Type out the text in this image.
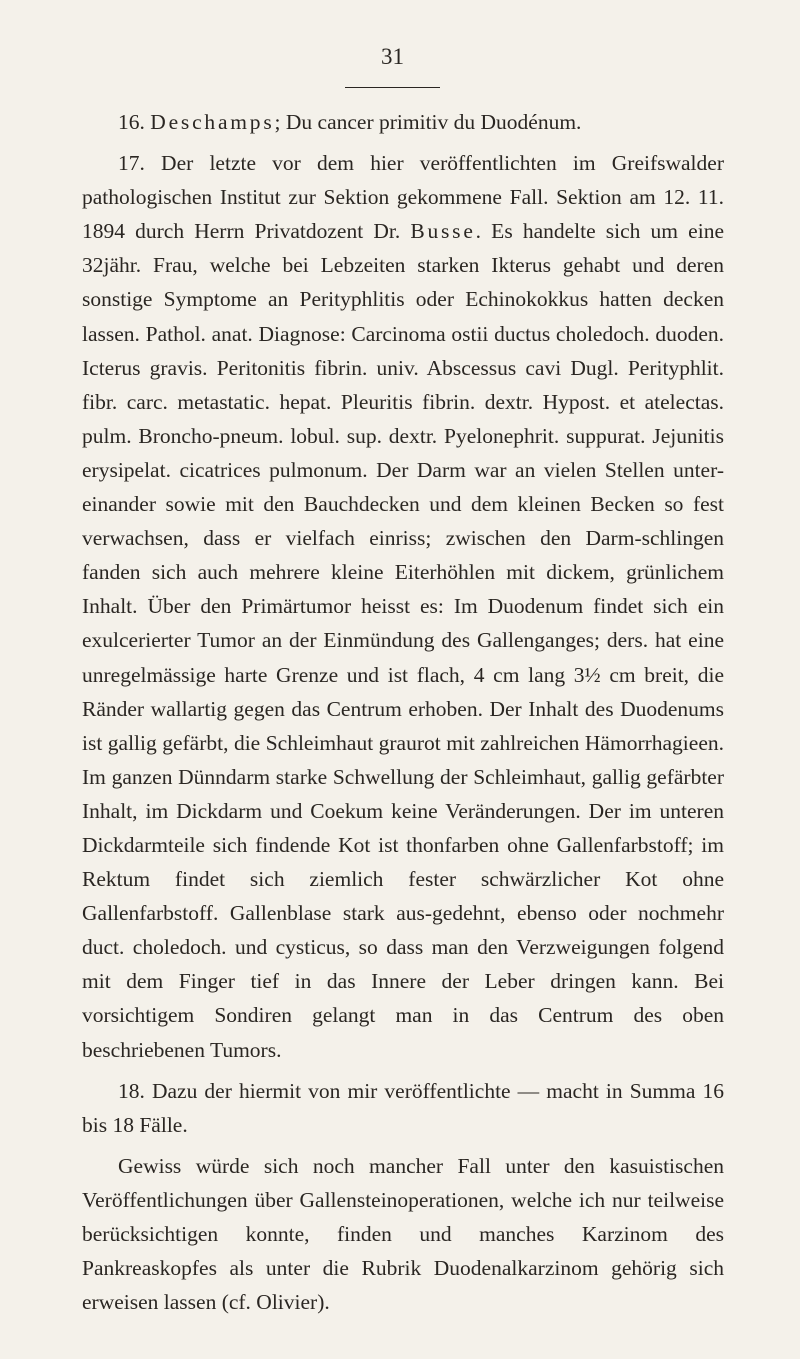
31

16. Deschamps; Du cancer primitiv du Duodénum.

17. Der letzte vor dem hier veröffentlichten im Greifswalder pathologischen Institut zur Sektion gekommene Fall. Sektion am 12. 11. 1894 durch Herrn Privatdozent Dr. Busse. Es handelte sich um eine 32jähr. Frau, welche bei Lebzeiten starken Ikterus gehabt und deren sonstige Symptome an Perityphlitis oder Echinokokkus hatten decken lassen. Pathol. anat. Diagnose: Carcinoma ostii ductus choledoch. duoden. Icterus gravis. Peritonitis fibrin. univ. Abscessus cavi Dugl. Perityphlit. fibr. carc. metastatic. hepat. Pleuritis fibrin. dextr. Hypost. et atelectas. pulm. Broncho-pneum. lobul. sup. dextr. Pyelonephrit. suppurat. Jejunitis erysipelat. cicatrices pulmonum. Der Darm war an vielen Stellen unter-einander sowie mit den Bauchdecken und dem kleinen Becken so fest verwachsen, dass er vielfach einriss; zwischen den Darm-schlingen fanden sich auch mehrere kleine Eiterhöhlen mit dickem, grünlichem Inhalt. Über den Primärtumor heisst es: Im Duodenum findet sich ein exulcerierter Tumor an der Einmündung des Gallenganges; ders. hat eine unregelmässige harte Grenze und ist flach, 4 cm lang 3½ cm breit, die Ränder wallartig gegen das Centrum erhoben. Der Inhalt des Duodenums ist gallig gefärbt, die Schleimhaut graurot mit zahlreichen Hämorrhagieen. Im ganzen Dünndarm starke Schwellung der Schleimhaut, gallig gefärbter Inhalt, im Dickdarm und Coekum keine Veränderungen. Der im unteren Dickdarmteile sich findende Kot ist thonfarben ohne Gallenfarbstoff; im Rektum findet sich ziemlich fester schwärzlicher Kot ohne Gallenfarbstoff. Gallenblase stark aus-gedehnt, ebenso oder nochmehr duct. choledoch. und cysticus, so dass man den Verzweigungen folgend mit dem Finger tief in das Innere der Leber dringen kann. Bei vorsichtigem Sondiren gelangt man in das Centrum des oben beschriebenen Tumors.

18. Dazu der hiermit von mir veröffentlichte — macht in Summa 16 bis 18 Fälle.

Gewiss würde sich noch mancher Fall unter den kasuistischen Veröffentlichungen über Gallensteinoperationen, welche ich nur teilweise berücksichtigen konnte, finden und manches Karzinom des Pankreaskopfes als unter die Rubrik Duodenalkarzinom gehörig sich erweisen lassen (cf. Olivier).
